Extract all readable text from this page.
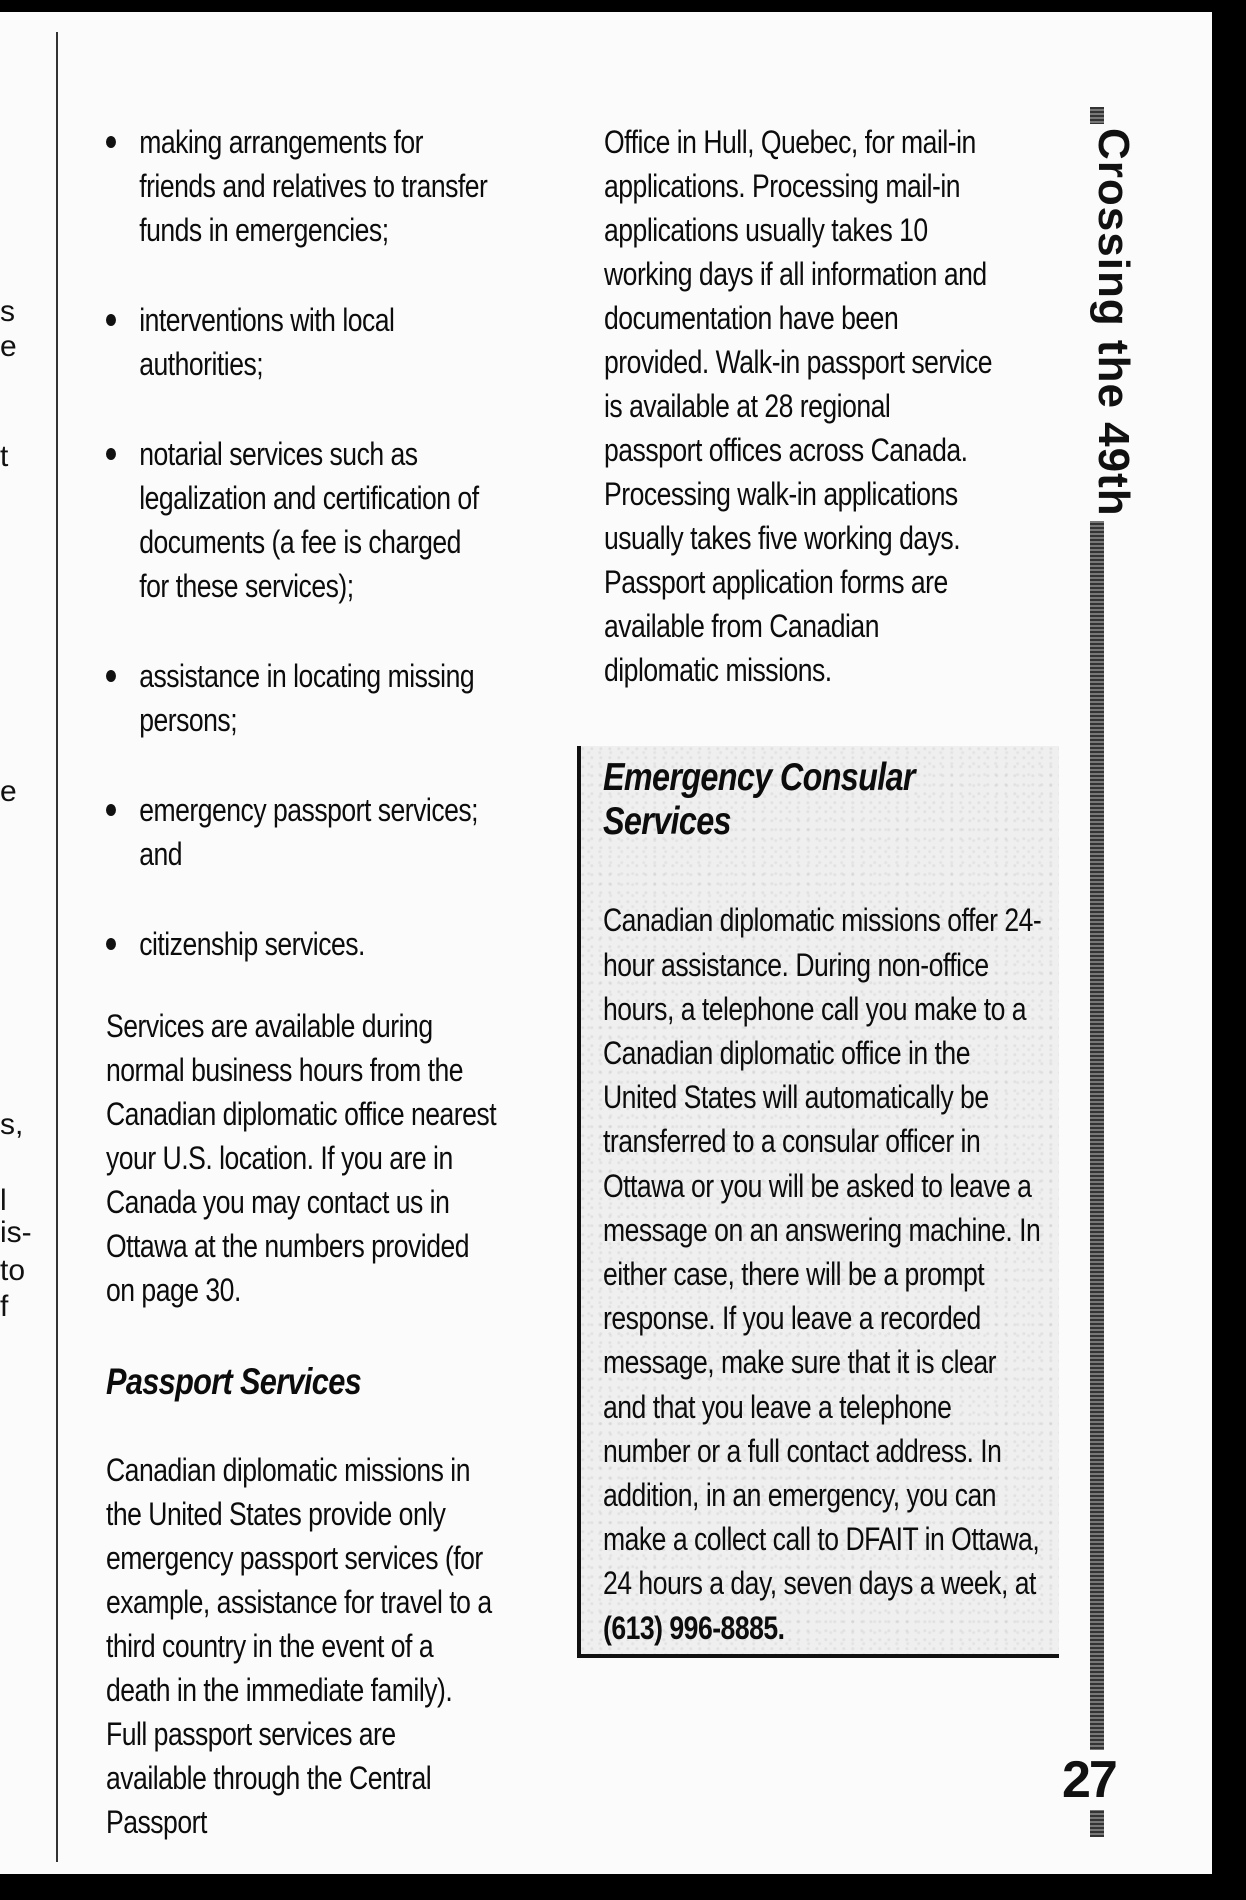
s
e
t
e
s,
l
is-
to
f
making arrangements for friends and relatives to transfer funds in emergencies;
interventions with local authorities;
notarial services such as legalization and certification of documents (a fee is charged for these services);
assistance in locating missing persons;
emergency passport services; and
citizenship services.

Services are available during normal business hours from the Canadian diplomatic office nearest your U.S. location. If you are in Canada you may contact us in Ottawa at the numbers provided on page 30.

Passport Services

Canadian diplomatic missions in the United States provide only emergency passport services (for example, assistance for travel to a third country in the event of a death in the immediate family). Full passport services are available through the Central Passport

Office in Hull, Quebec, for mail-in applications. Processing mail-in applications usually takes 10 working days if all information and documentation have been provided. Walk-in passport service is available at 28 regional passport offices across Canada. Processing walk-in applications usually takes five working days. Passport application forms are available from Canadian diplomatic missions.

Emergency Consular Services

Canadian diplomatic missions offer 24-hour assistance. During non-office hours, a telephone call you make to a Canadian diplomatic office in the United States will automatically be transferred to a consular officer in Ottawa or you will be asked to leave a message on an answering machine. In either case, there will be a prompt response. If you leave a recorded message, make sure that it is clear and that you leave a telephone number or a full contact address. In addition, in an emergency, you can make a collect call to DFAIT in Ottawa, 24 hours a day, seven days a week, at (613) 996-8885.

Crossing the 49th
27
